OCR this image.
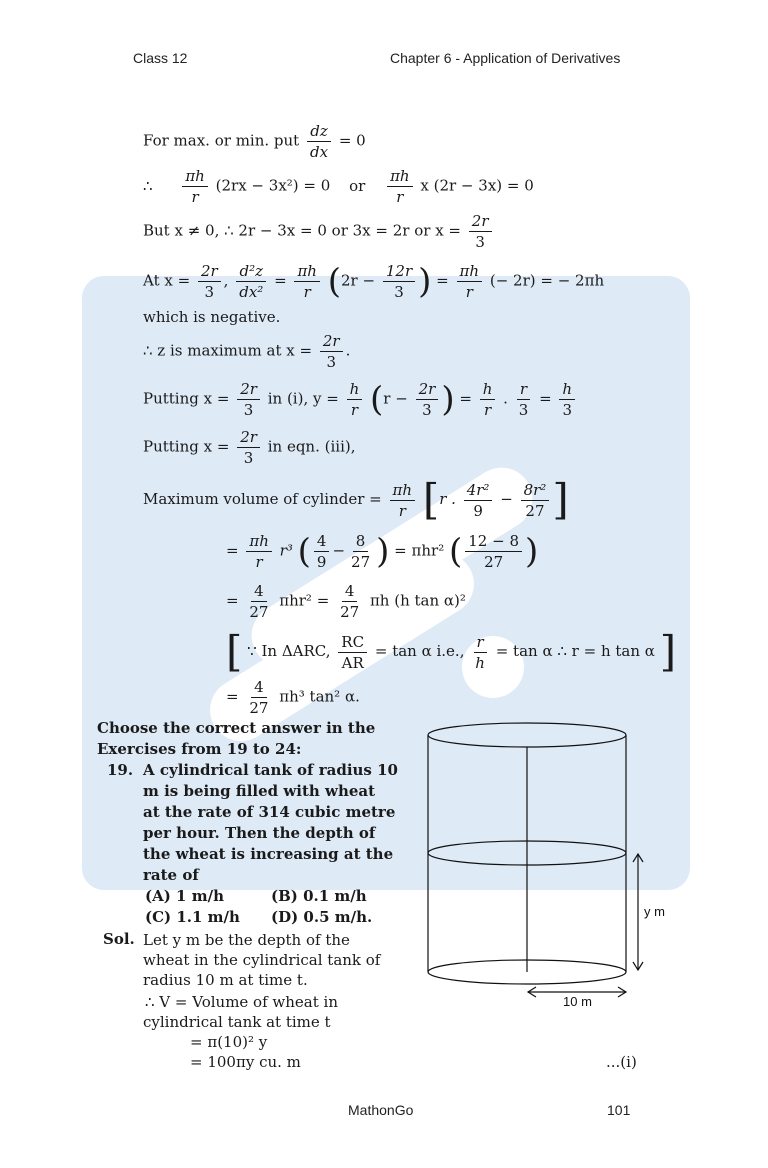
Class 12	Chapter 6 - Application of Derivatives
For max. or min. put $\frac{dz}{dx} = 0$
∴ $\frac{\pi h}{r} (2rx - 3x^2) = 0$ or $\frac{\pi h}{r}$ x (2r − 3x) = 0
But x ≠ 0, ∴ 2r − 3x = 0 or 3x = 2r or $x = \frac{2r}{3}$
At $x = \frac{2r}{3}$ , $\frac{\text{d²z}}{\text{dx²}} = \frac{\pi h}{r} (2r - \frac{12r}{3}$ ) = $\frac{\pi h}{r}$ (− 2r) = − 2πh
which is negative.
∴ z is maximum at $x = \frac{2r}{3}$ .
Putting $x = \frac{2r}{3}$ in (i), $y = \frac{h}{r} (r - \frac{2r}{3}$ ) = $\frac{h}{r}$ . $\frac{r}{3} = \frac{h}{3}$
Putting $x = \frac{2r}{3}$ in eqn. (iii),
Maximum volume of cylinder = $\frac{\pi h}{r} [r$ . $\frac{\text{4r²}}{9} - \frac{\text{8r²}}{27}$ ]
= $\frac{\pi h}{r} r^3$ ( $\frac{4}{9} - \frac{8}{27}$ ) = πhr² ( $\frac{12 - 8}{27}$ )
= $\frac{4}{27} \pi hr^2 = \frac{4}{27}$ πh (h tan α)²
[ ∵ In ΔARC, $\frac{RC}{AR} = \tan \alpha$ i.e., $\frac{r}{h} = \tan \alpha$ ∴ r = h tan α ]
= $\frac{4}{27} \pi h^3$ tan² α.
Choose the correct answer in the
Exercises from 19 to 24:
19. A cylindrical tank of radius 10
m is being filled with wheat
at the rate of 314 cubic metre
per hour. Then the depth of
the wheat is increasing at the
rate of
(A) 1 m/h	(B) 0.1 m/h
(C) 1.1 m/h (D) 0.5 m/h.
Sol. Let y m be the depth of the
wheat in the cylindrical tank of
radius 10 m at time t.
∴ V = Volume of wheat in
cylindrical tank at time t
= π(10)² y
= 100πy cu. m	...(i)
y m
10 m
MathonGo	101
